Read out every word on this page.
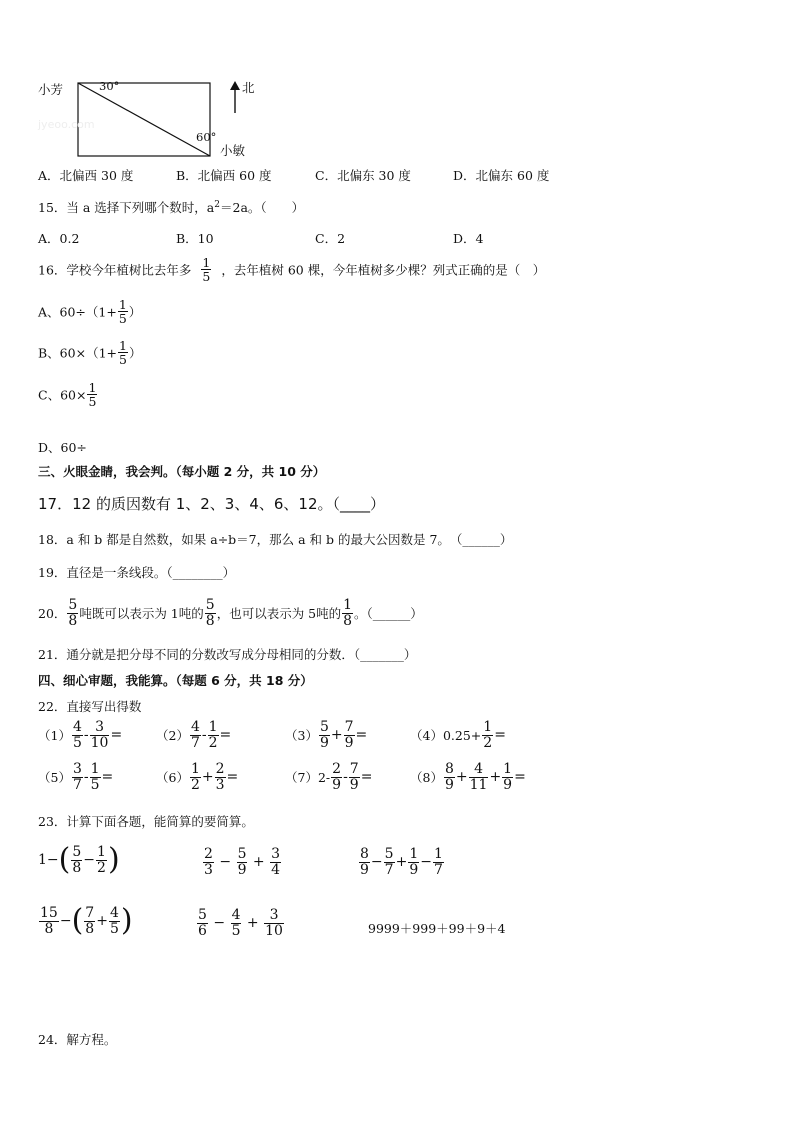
小芳	30°
60°
jyeoo.com
北
小敏
A．北偏西 30 度	B．北偏西 60 度	C．北偏东 30 度	D．北偏东 60 度
15．当 a 选择下列哪个数时，$a^2=2a$。（　　）
A．0.2	B．10	C．2	D．4
16．学校今年植树比去年多 $\frac{1}{5}$ ，去年植树 60 棵，今年植树多少棵？列式正确的是（　）
A、$60\div(1+ \frac{1}{5}$ ）
B、$60\times(1+ \frac{1}{5}$ ）
C、$60\times \frac{1}{5}$
D、60÷
三、火眼金睛，我会判。（每小题 2 分，共 10 分）
17．12 的质因数有 1、2、3、4、6、12。（____）
18．a 和 b 都是自然数，如果 a÷b＝7，那么 a 和 b 的最大公因数是 7。　（______）
19．直径是一条线段。（________）
20． $\frac{5}{8}$ 吨既可以表示为 1吨的 $\frac{5}{8}$ ，也可以表示为 5吨的 $\frac{1}{8}$ 。（______）
21．通分就是把分母不同的分数改写成分母相同的分数．（_______）
四、细心审题，我能算。（每题 6 分，共 18 分）
22．直接写出得数
$(1) \frac{4}{5} - \frac{3}{10}$ =	$(2) \frac{4}{7} - \frac{1}{2}$ =	$(3) \frac{5}{9} + \frac{7}{9}$ =	$(4)0.25+ \frac{1}{2}$ =
$(5) \frac{3}{7} - \frac{1}{5}$ =	$(6) \frac{1}{2} + \frac{2}{3}$ =	$(7)2- \frac{2}{9} - \frac{7}{9}$ =	$(8) \frac{8}{9} + \frac{4}{11} + \frac{1}{9}$ =
23．计算下面各题，能简算的要简算。
$1-( \frac{5}{8} - \frac{1}{2}$ )	$\frac{2}{3} - \frac{5}{9} + \frac{3}{4}$	$\frac{8}{9} - \frac{5}{7} + \frac{1}{9} - \frac{1}{7}$
$\frac{15}{8}$ −( $\frac{7}{8} + \frac{4}{5}$ )	$\frac{5}{6} - \frac{4}{5} + \frac{3}{10}$	9999＋999＋99＋9＋4
24．解方程。
